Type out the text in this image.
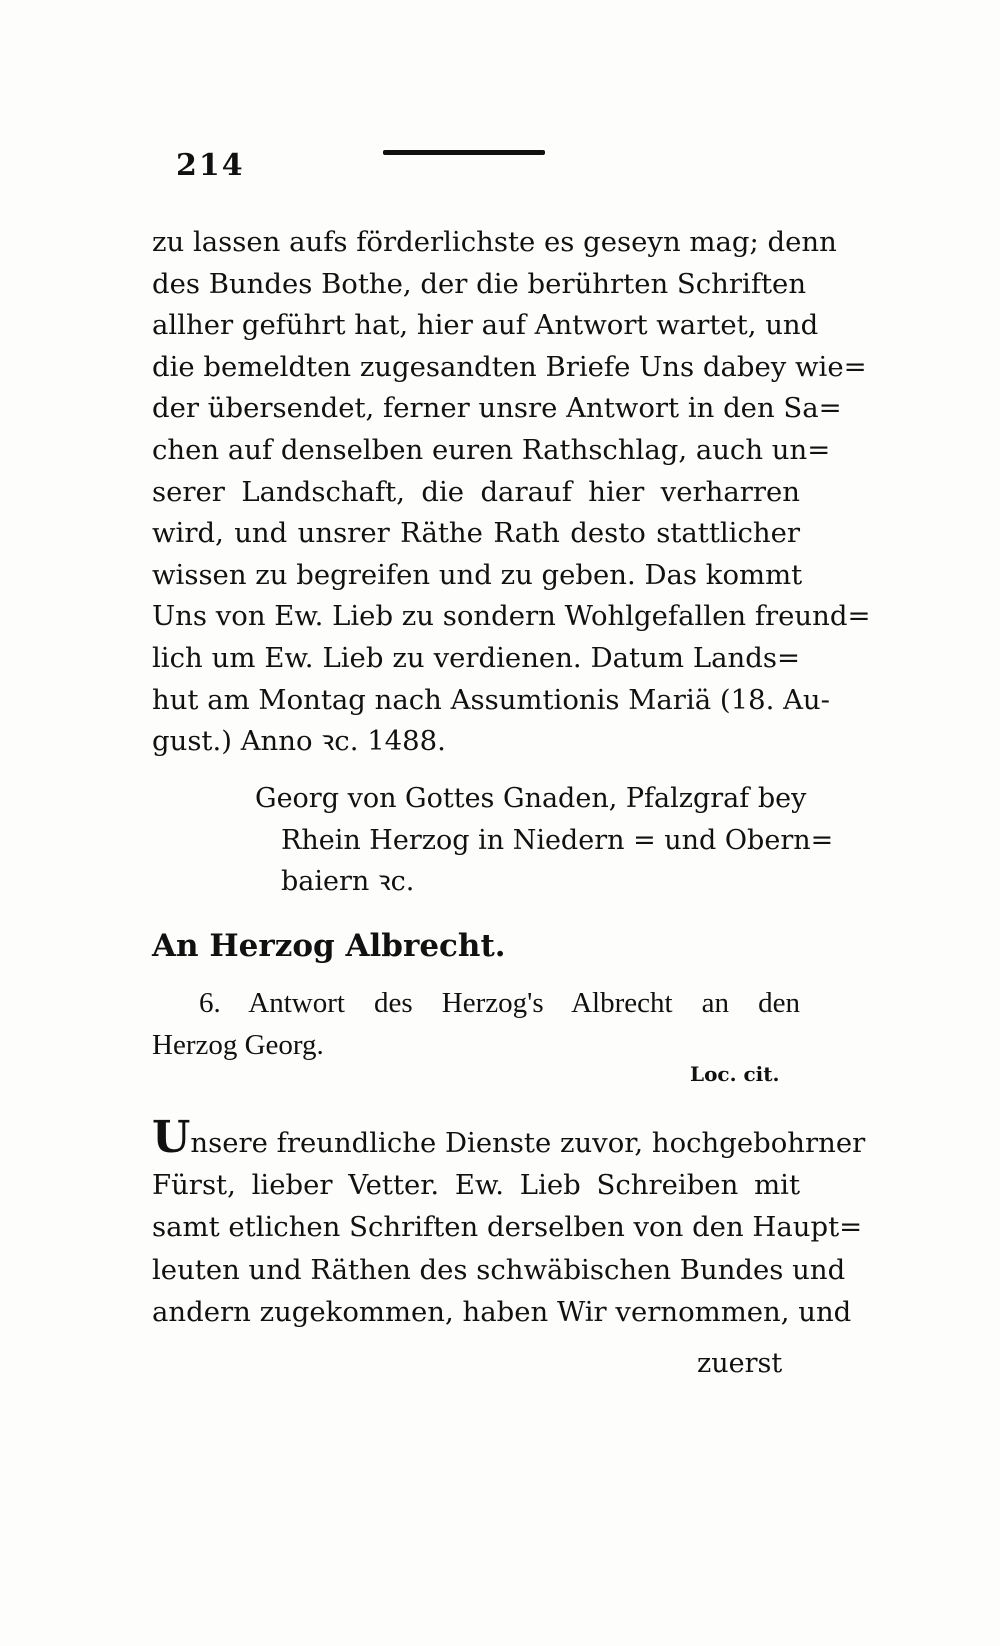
214
zu lassen aufs förderlichste es geseyn mag; denn
des Bundes Bothe, der die berührten Schriften
allher geführt hat, hier auf Antwort wartet, und
die bemeldten zugesandten Briefe Uns dabey wie=
der übersendet, ferner unsre Antwort in den Sa=
chen auf denselben euren Rathschlag, auch un=
serer Landschaft, die darauf hier verharren
wird, und unsrer Räthe Rath desto stattlicher
wissen zu begreifen und zu geben. Das kommt
Uns von Ew. Lieb zu sondern Wohlgefallen freund=
lich um Ew. Lieb zu verdienen. Datum Lands=
hut am Montag nach Assumtionis Mariä (18. Au-
gust.) Anno ꝛc. 1488.
Georg von Gottes Gnaden, Pfalzgraf bey
Rhein Herzog in Niedern = und Obern=
baiern ꝛc.
An Herzog Albrecht.
6. Antwort des Herzog's Albrecht an den
Herzog Georg.
Loc. cit.
Unsere freundliche Dienste zuvor, hochgebohrner
Fürst, lieber Vetter. Ew. Lieb Schreiben mit
samt etlichen Schriften derselben von den Haupt=
leuten und Räthen des schwäbischen Bundes und
andern zugekommen, haben Wir vernommen, und
zuerst
